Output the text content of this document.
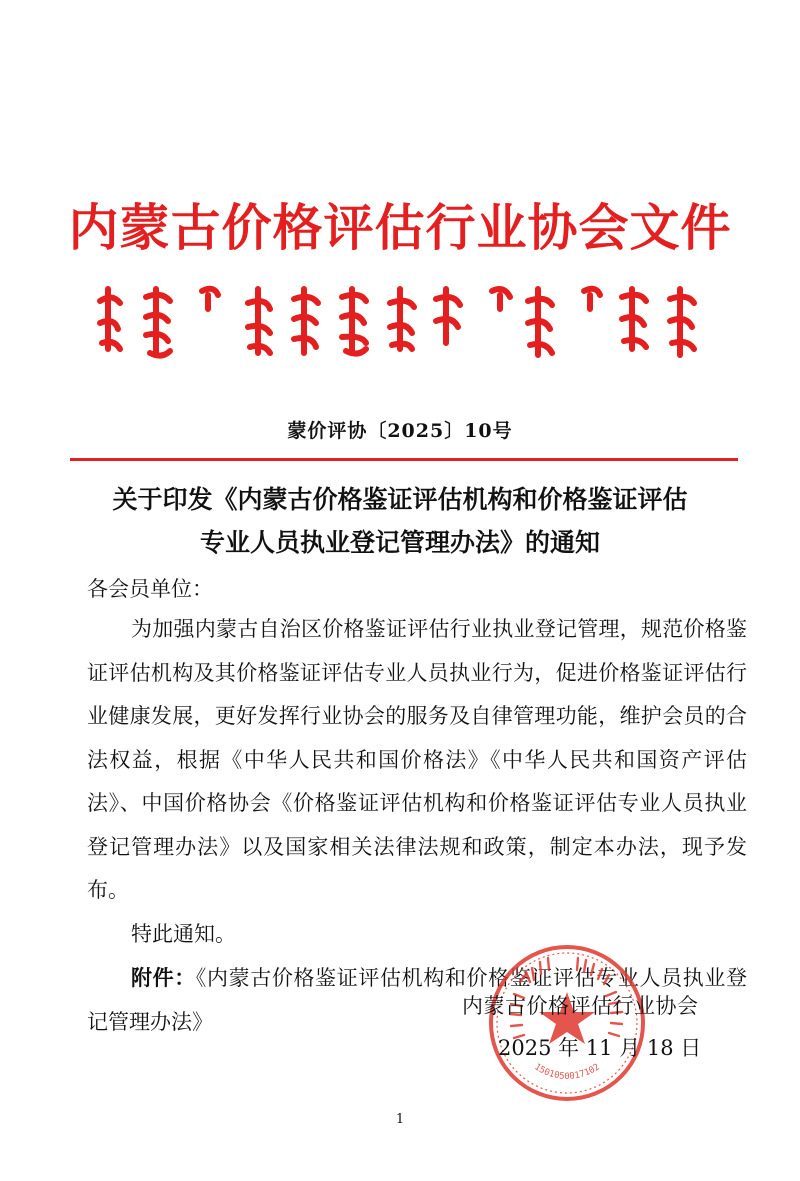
内蒙古价格评估行业协会文件
蒙价评协〔2025〕10号
关于印发《内蒙古价格鉴证评估机构和价格鉴证评估
专业人员执业登记管理办法》的通知
各会员单位：

为加强内蒙古自治区价格鉴证评估行业执业登记管理，规范价格鉴证评估机构及其价格鉴证评估专业人员执业行为，促进价格鉴证评估行业健康发展，更好发挥行业协会的服务及自律管理功能，维护会员的合法权益，根据《中华人民共和国价格法》《中华人民共和国资产评估法》、中国价格协会《价格鉴证评估机构和价格鉴证评估专业人员执业登记管理办法》以及国家相关法律法规和政策，制定本办法，现予发布。

特此通知。

附件：《内蒙古价格鉴证评估机构和价格鉴证评估专业人员执业登记管理办法》

1501050017102
内蒙古价格评估行业协会
2025 年 11 月 18 日
1
